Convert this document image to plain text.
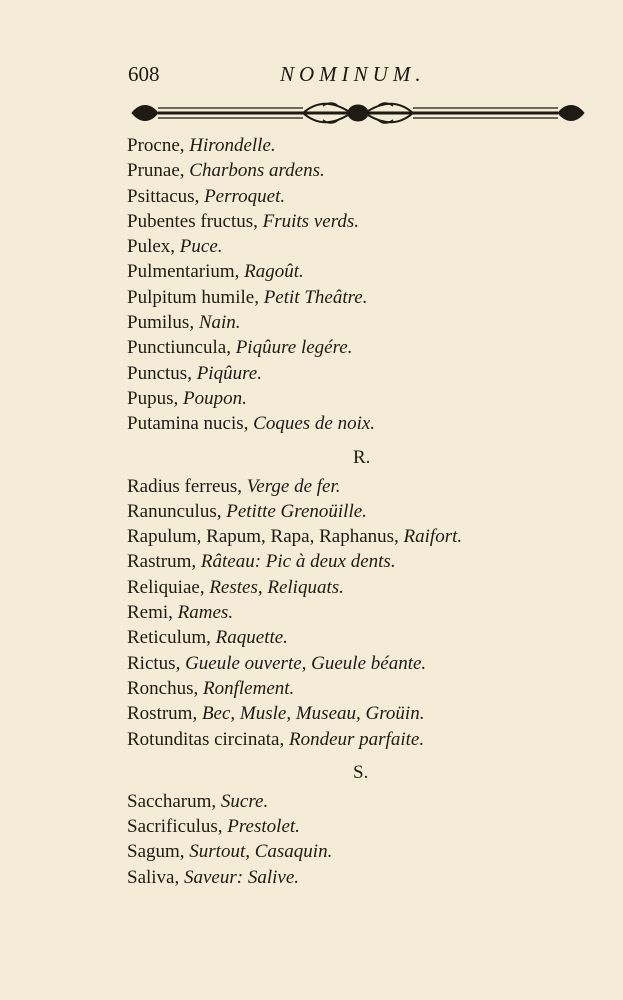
608	NOMINUM.
Procne, Hirondelle.
Prunae, Charbons ardens.
Psittacus, Perroquet.
Pubentes fructus, Fruits verds.
Pulex, Puce.
Pulmentarium, Ragoût.
Pulpitum humile, Petit Theâtre.
Pumilus, Nain.
Punctiuncula, Piqûure legére.
Punctus, Piqûure.
Pupus, Poupon.
Putamina nucis, Coques de noix.
R.
Radius ferreus, Verge de fer.
Ranunculus, Petitte Grenoüille.
Rapulum, Rapum, Rapa, Raphanus, Raifort.
Rastrum, Râteau: Pic à deux dents.
Reliquiae, Restes, Reliquats.
Remi, Rames.
Reticulum, Raquette.
Rictus, Gueule ouverte, Gueule béante.
Ronchus, Ronflement.
Rostrum, Bec, Musle, Museau, Groüin.
Rotunditas circinata, Rondeur parfaite.
S.
Saccharum, Sucre.
Sacrificulus, Prestolet.
Sagum, Surtout, Casaquin.
Saliva, Saveur: Salive.
